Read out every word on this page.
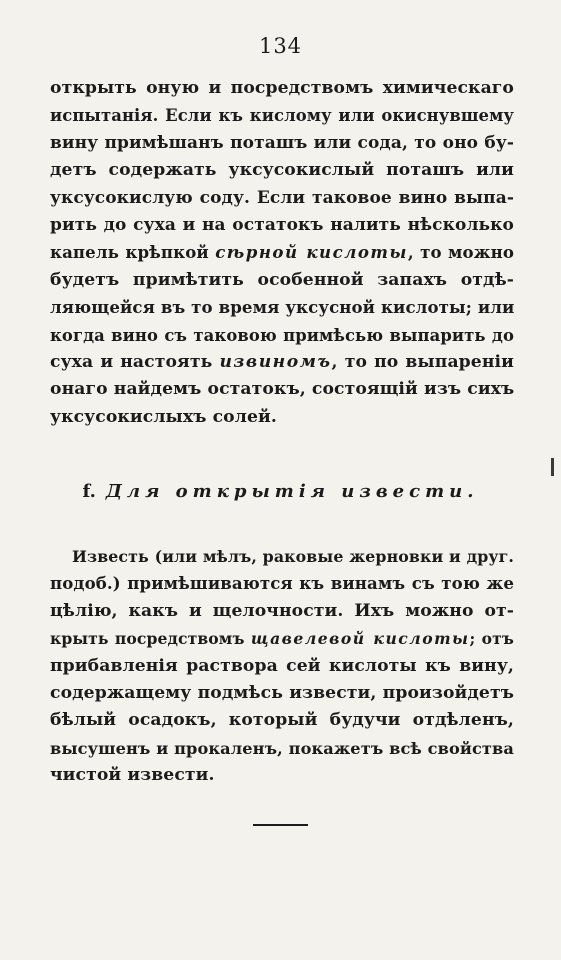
134
открыть оную и посредствомъ химическаго
испытанія. Если къ кислому или окиснувшему
вину примѣшанъ поташъ или сода, то оно бу-
детъ содержать уксусокислый поташъ или
уксусокислую соду. Если таковое вино выпа-
рить до суха и на остатокъ налить нѣсколько
капель крѣпкой сѣрной кислоты, то можно
будетъ примѣтить особенной запахъ отдѣ-
ляющейся въ то время уксусной кислоты; или
когда вино съ таковою примѣсью выпарить до
суха и настоять извиномъ, то по выпареніи
онаго найдемъ остатокъ, состоящій изъ сихъ
уксусокислыхъ солей.
f. Для открытія извести.
Известь (или мѣлъ, раковые жерновки и друг.
подоб.) примѣшиваются къ винамъ съ тою же
цѣлію, какъ и щелочности. Ихъ можно от-
крыть посредствомъ щавелевой кислоты; отъ
прибавленія раствора сей кислоты къ вину,
содержащему подмѣсь извести, произойдетъ
бѣлый осадокъ, который будучи отдѣленъ,
высушенъ и прокаленъ, покажетъ всѣ свойства
чистой извести.
